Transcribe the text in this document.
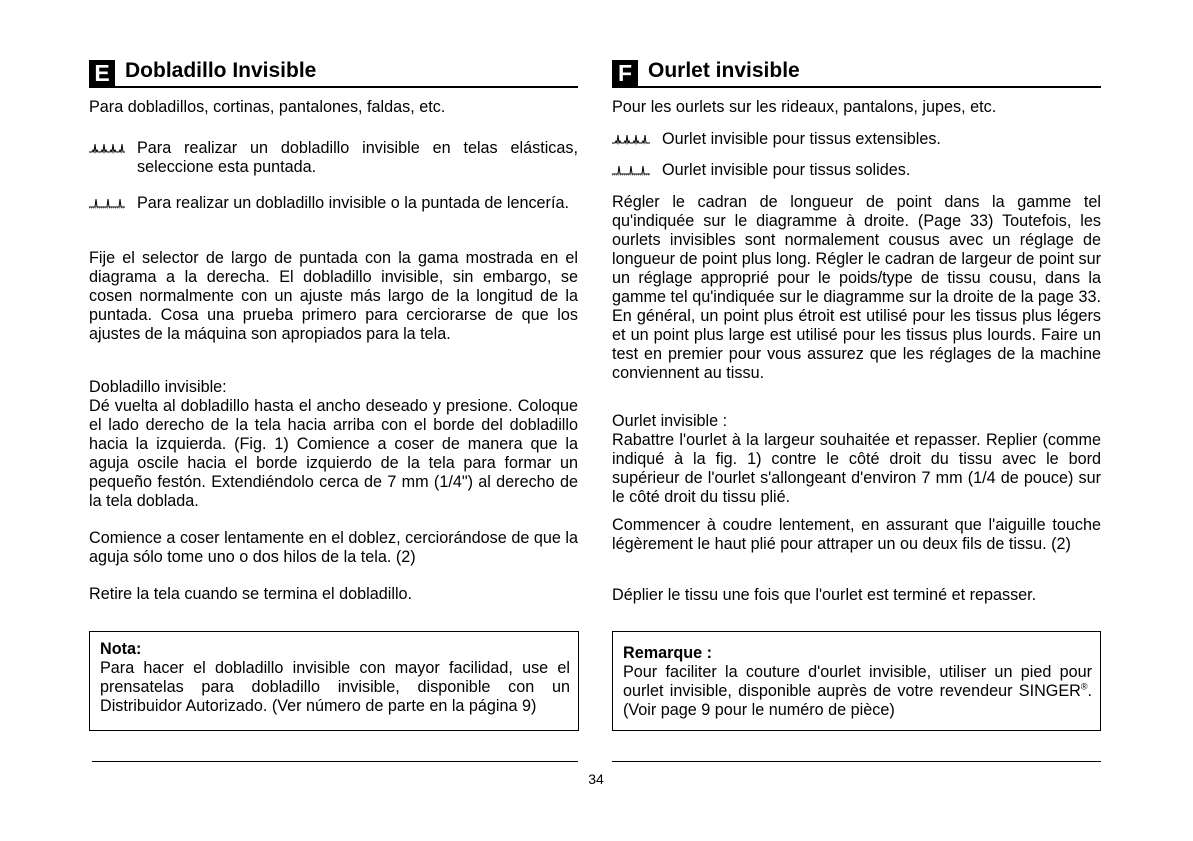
E Dobladillo Invisible

Para dobladillos, cortinas, pantalones, faldas, etc.

Para realizar un dobladillo invisible en telas elásticas, seleccione esta puntada.
Para realizar un dobladillo invisible o la puntada de lencería.

Fije el selector de largo de puntada con la gama mostrada en el diagrama a la derecha. El dobladillo invisible, sin embargo, se cosen normalmente con un ajuste más largo de la longitud de la puntada. Cosa una prueba primero para cerciorarse de que los ajustes de la máquina son apropiados para la tela.

Dobladillo invisible:

Dé vuelta al dobladillo hasta el ancho deseado y presione. Coloque el lado derecho de la tela hacia arriba con el borde del dobladillo hacia la izquierda. (Fig. 1) Comience a coser de manera que la aguja oscile hacia el borde izquierdo de la tela para formar un pequeño festón. Extendiéndolo cerca de 7 mm (1/4") al derecho de la tela doblada.

Comience a coser lentamente en el doblez, cerciorándose de que la aguja sólo tome uno o dos hilos de la tela. (2)

Retire la tela cuando se termina el dobladillo.

Nota:

Para hacer el dobladillo invisible con mayor facilidad, use el prensatelas para dobladillo invisible, disponible con un Distribuidor Autorizado. (Ver número de parte en la página 9)

F Ourlet invisible

Pour les ourlets sur les rideaux, pantalons, jupes, etc.

Ourlet invisible pour tissus extensibles.
Ourlet invisible pour tissus solides.

Régler le cadran de longueur de point dans la gamme tel qu'indiquée sur le diagramme à droite. (Page 33) Toutefois, les ourlets invisibles sont normalement cousus avec un réglage de longueur de point plus long. Régler le cadran de largeur de point sur un réglage approprié pour le poids/type de tissu cousu, dans la gamme tel qu'indiquée sur le diagramme sur la droite de la page 33. En général, un point plus étroit est utilisé pour les tissus plus légers et un point plus large est utilisé pour les tissus plus lourds. Faire un test en premier pour vous assurez que les réglages de la machine conviennent au tissu.

Ourlet invisible :

Rabattre l'ourlet à la largeur souhaitée et repasser. Replier (comme indiqué à la fig. 1) contre le côté droit du tissu avec le bord supérieur de l'ourlet s'allongeant d'environ 7 mm (1/4 de pouce) sur le côté droit du tissu plié.

Commencer à coudre lentement, en assurant que l'aiguille touche légèrement le haut plié pour attraper un ou deux fils de tissu. (2)

Déplier le tissu une fois que l'ourlet est terminé et repasser.

Remarque :

Pour faciliter la couture d'ourlet invisible, utiliser un pied pour ourlet invisible, disponible auprès de votre revendeur SINGER®. (Voir page 9 pour le numéro de pièce)

34
